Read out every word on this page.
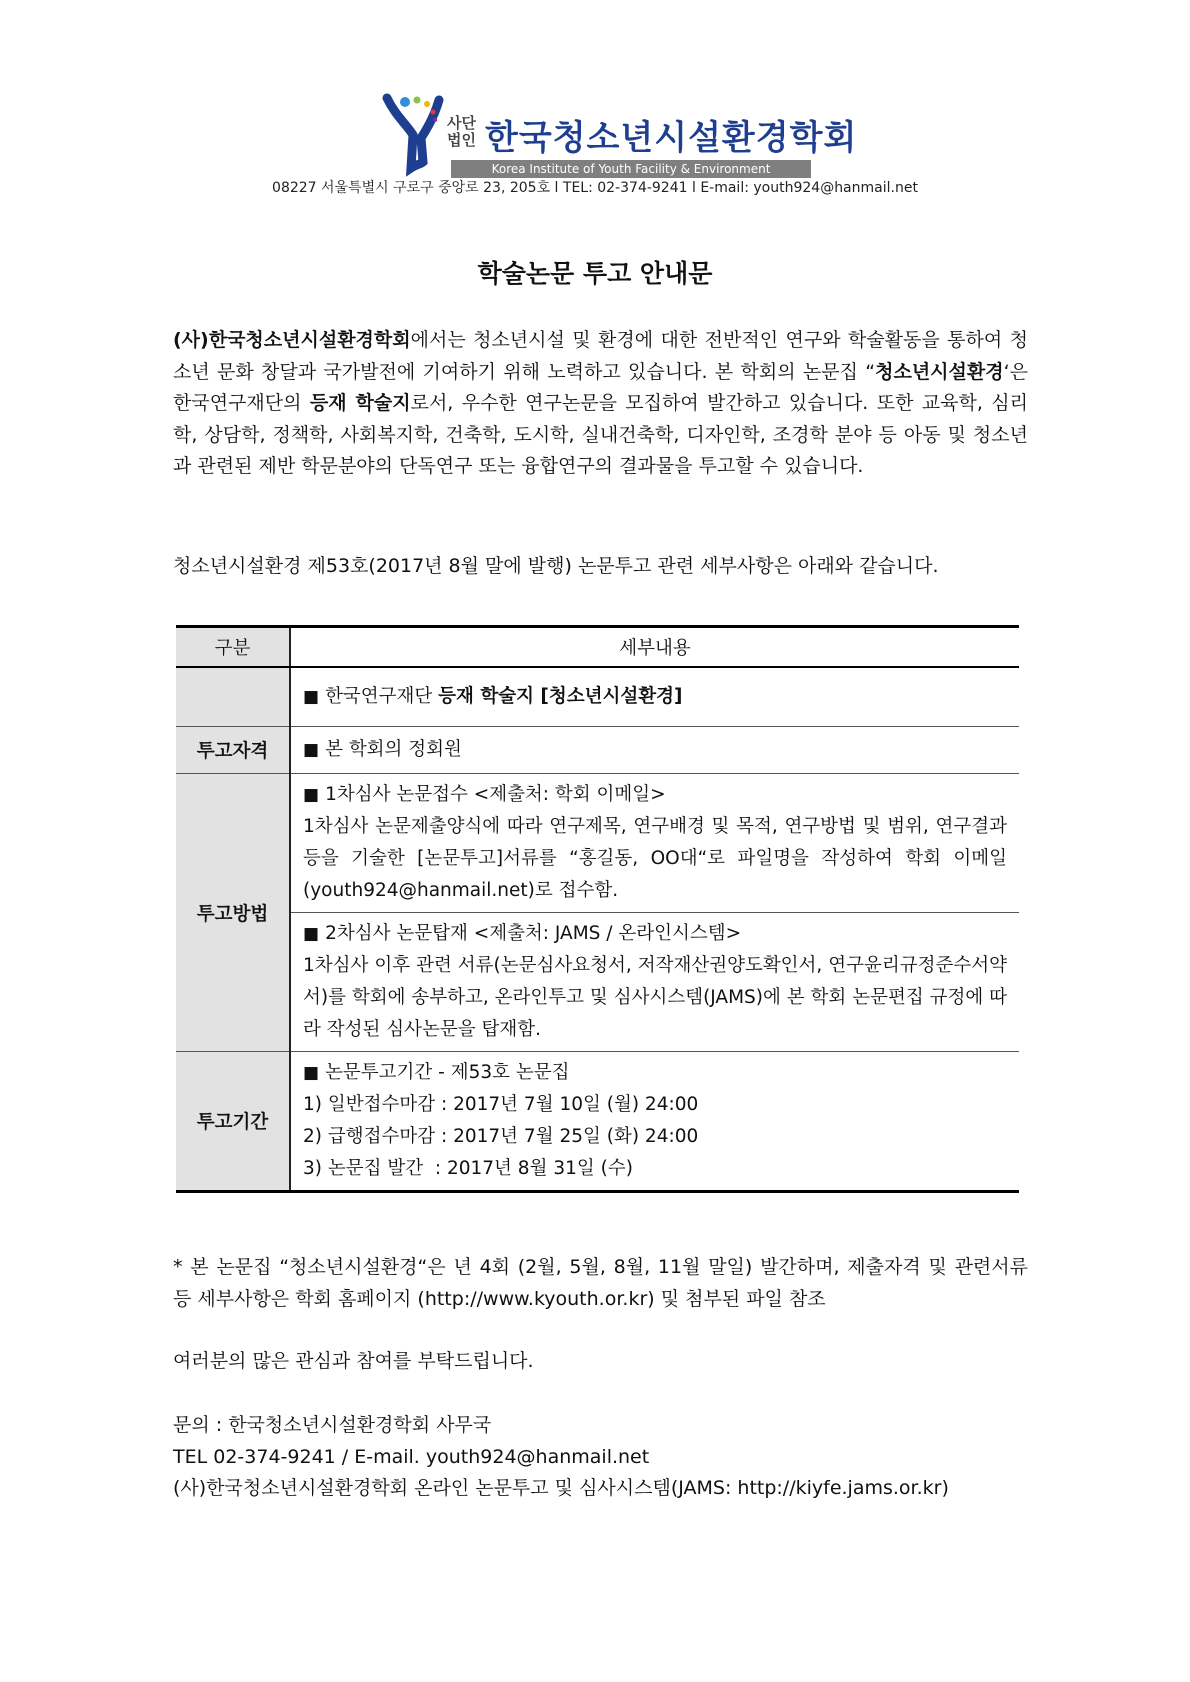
사단법인 한국청소년시설환경학회
Korea Institute of Youth Facility & Environment
08227 서울특별시 구로구 중앙로 23, 205호 l TEL: 02-374-9241 l E-mail: youth924@hanmail.net
학술논문 투고 안내문
(사)한국청소년시설환경학회에서는 청소년시설 및 환경에 대한 전반적인 연구와 학술활동을 통하여 청소년 문화 창달과 국가발전에 기여하기 위해 노력하고 있습니다. 본 학회의 논문집 “청소년시설환경‘은 한국연구재단의 등재 학술지로서, 우수한 연구논문을 모집하여 발간하고 있습니다. 또한 교육학, 심리학, 상담학, 정책학, 사회복지학, 건축학, 도시학, 실내건축학, 디자인학, 조경학 분야 등 아동 및 청소년과 관련된 제반 학문분야의 단독연구 또는 융합연구의 결과물을 투고할 수 있습니다.
청소년시설환경 제53호(2017년 8월 말에 발행) 논문투고 관련 세부사항은 아래와 같습니다.
구분	세부내용
	■ 한국연구재단 등재 학술지 [청소년시설환경]
투고자격	■ 본 학회의 정회원
투고방법	■ 1차심사 논문접수 <제출처: 학회 이메일>
1차심사 논문제출양식에 따라 연구제목, 연구배경 및 목적, 연구방법 및 범위, 연구결과 등을 기술한 [논문투고]서류를 “홍길동, OO대“로 파일명을 작성하여 학회 이메일(youth924@hanmail.net)로 접수함.

	■ 2차심사 논문탑재 <제출처: JAMS / 온라인시스템>
1차심사 이후 관련 서류(논문심사요청서, 저작재산권양도확인서, 연구윤리규정준수서약서)를 학회에 송부하고, 온라인투고 및 심사시스템(JAMS)에 본 학회 논문편집 규정에 따라 작성된 심사논문을 탑재함.

투고기간	■ 논문투고기간 - 제53호 논문집
1) 일반접수마감 : 2017년 7월 10일 (월) 24:00
2) 급행접수마감 : 2017년 7월 25일 (화) 24:00
3) 논문집 발간  : 2017년 8월 31일 (수)
* 본 논문집 “청소년시설환경“은 년 4회 (2월, 5월, 8월, 11월 말일) 발간하며, 제출자격 및 관련서류 등 세부사항은 학회 홈페이지 (http://www.kyouth.or.kr) 및 첨부된 파일 참조
여러분의 많은 관심과 참여를 부탁드립니다.
문의 : 한국청소년시설환경학회 사무국
TEL 02-374-9241 / E-mail. youth924@hanmail.net
(사)한국청소년시설환경학회 온라인 논문투고 및 심사시스템(JAMS: http://kiyfe.jams.or.kr)
